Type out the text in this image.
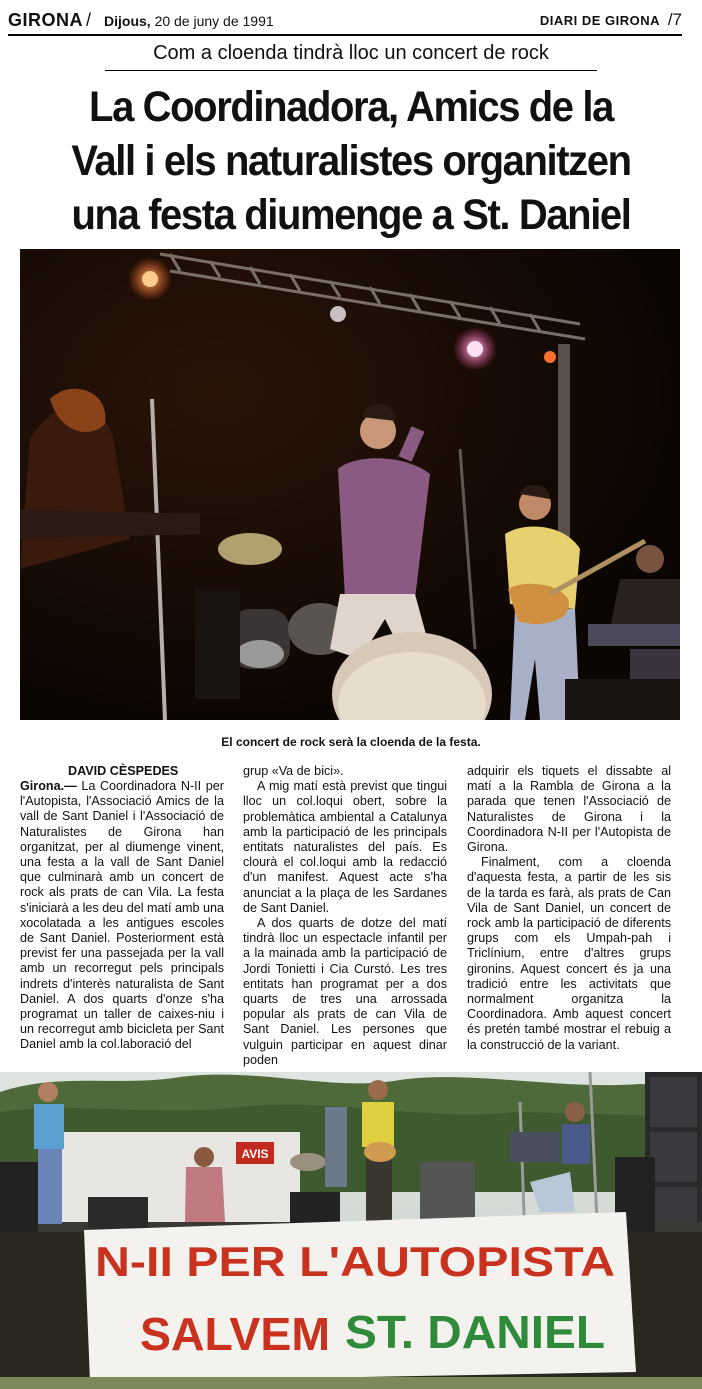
GIRONA / Dijous, 20 de juny de 1991	DIARI DE GIRONA /7
Com a cloenda tindrà lloc un concert de rock
La Coordinadora, Amics de la
Vall i els naturalistes organitzen
una festa diumenge a St. Daniel
El concert de rock serà la cloenda de la festa.
DAVID CÈSPEDES

Girona.— La Coordinadora N-II per l'Autopista, l'Associació Amics de la vall de Sant Daniel i l'Associació de Naturalistes de Girona han organitzat, per al diumenge vinent, una festa a la vall de Sant Daniel que culminarà amb un concert de rock als prats de can Vila. La festa s'iniciarà a les deu del matí amb una xocolatada a les antigues escoles de Sant Daniel. Posteriorment està previst fer una passejada per la vall amb un recorregut pels principals indrets d'interès naturalista de Sant Daniel. A dos quarts d'onze s'ha programat un taller de caixes-niu i un recorregut amb bicicleta per Sant Daniel amb la col.laboració del

grup «Va de bici».

A mig matí està previst que tingui lloc un col.loqui obert, sobre la problemàtica ambiental a Catalunya amb la participació de les principals entitats naturalistes del país. Es clourà el col.loqui amb la redacció d'un manifest. Aquest acte s'ha anunciat a la plaça de les Sardanes de Sant Daniel.

A dos quarts de dotze del matí tindrà lloc un espectacle infantil per a la mainada amb la participació de Jordi Tonietti i Cia Curstó. Les tres entitats han programat per a dos quarts de tres una arrossada popular als prats de can Vila de Sant Daniel. Les persones que vulguin participar en aquest dinar poden

adquirir els tiquets el dissabte al matí a la Rambla de Girona a la parada que tenen l'Associació de Naturalistes de Girona i la Coordinadora N-II per l'Autopista de Girona.

Finalment, com a cloenda d'aquesta festa, a partir de les sis de la tarda es farà, als prats de Can Vila de Sant Daniel, un concert de rock amb la participació de diferents grups com els Umpah-pah i Triclínium, entre d'altres grups gironins. Aquest concert és ja una tradició entre les activitats que normalment organitza la Coordinadora. Amb aquest concert és pretén també mostrar el rebuig a la construcció de la variant.

AVIS
N-II PER L'AUTOPISTA
SALVEM ST. DANIEL
